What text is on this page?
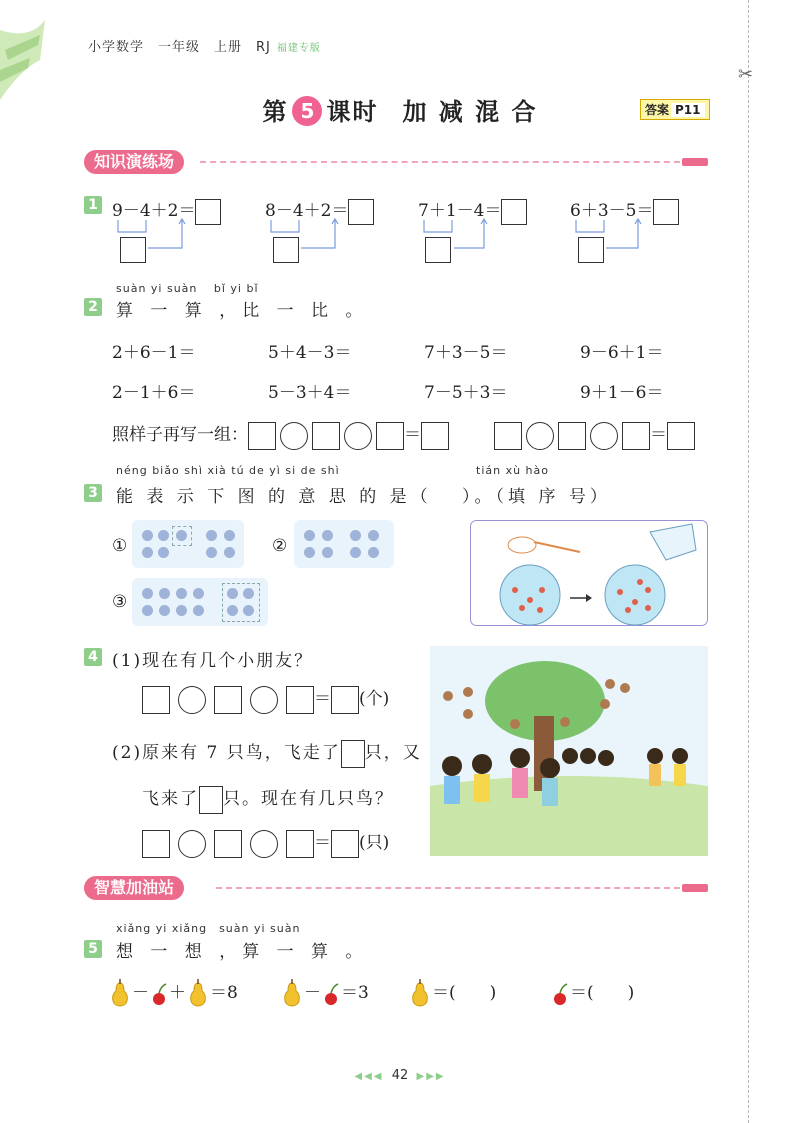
小学数学　一年级　上册　RJ 福建专版
✂
第 5 课时 加 减 混 合	答案 P11
知识演练场
1 9－4＋2＝	8－4＋2＝	7＋1－4＝	6＋3－5＝
suàn yi suàn　 bǐ yi bǐ
2 算 一 算 ，比 一 比 。
2＋6－1＝	5＋4－3＝	7＋3－5＝	9－6＋1＝
2－1＋6＝	5－3＋4＝	7－5＋3＝	9＋1－6＝
照样子再写一组：	＝	＝
néng biǎo shì xià tú de yì si de shì	tián xù hào
3 能 表 示 下 图 的 意 思 的 是（　 ）。（填 序 号）
①	②
③
4 (1)现在有几个小朋友？
＝ (个)
(2)原来有 7 只鸟，飞走了 只，又
飞来了 只。现在有几只鸟？
＝ (只)
智慧加油站
xiǎng yi xiǎng　suàn yi suàn
5 想 一 想 ，算 一 算 。
－ ＋ ＝8	－ ＝3	＝(　　)	＝(　　)
◀◀◀ 42 ▶▶▶
